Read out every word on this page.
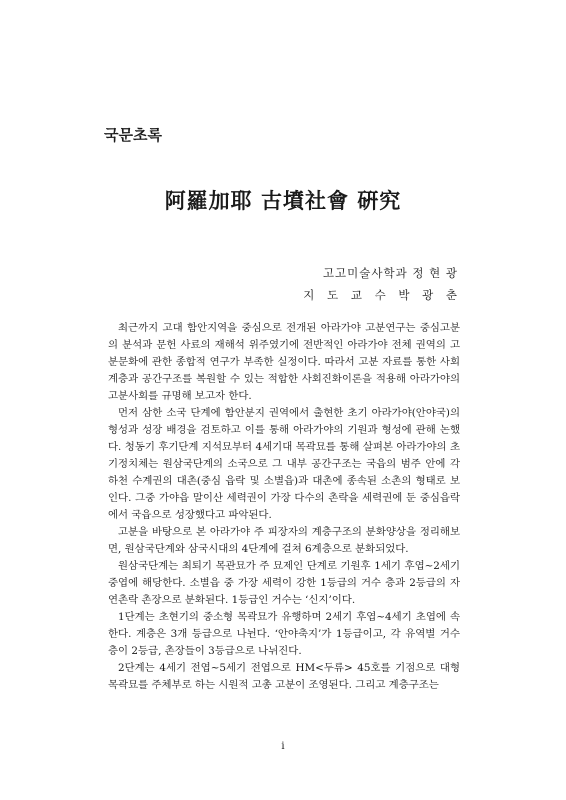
국문초록
阿羅加耶 古墳社會 硏究
고고미술사학과 정 현 광
지 도 교 수 박 광 춘

최근까지 고대 함안지역을 중심으로 전개된 아라가야 고분연구는 중심고분의 분석과 문헌 사료의 재해석 위주였기에 전반적인 아라가야 전체 권역의 고분문화에 관한 종합적 연구가 부족한 실정이다. 따라서 고분 자료를 통한 사회계층과 공간구조를 복원할 수 있는 적합한 사회진화이론을 적용해 아라가야의 고분사회를 규명해 보고자 한다.

먼저 삼한 소국 단계에 함안분지 권역에서 출현한 초기 아라가야(안야국)의 형성과 성장 배경을 검토하고 이를 통해 아라가야의 기원과 형성에 관해 논했다. 청동기 후기단계 지석묘부터 4세기대 목곽묘를 통해 살펴본 아라가야의 초기정치체는 원삼국단계의 소국으로 그 내부 공간구조는 국읍의 범주 안에 각 하천 수계권의 대촌(중심 읍락 및 소별읍)과 대촌에 종속된 소촌의 형태로 보인다. 그중 가야읍 말이산 세력권이 가장 다수의 촌락을 세력권에 둔 중심읍락에서 국읍으로 성장했다고 파악된다.

고분을 바탕으로 본 아라가야 주 피장자의 계층구조의 분화양상을 정리해보면, 원삼국단계와 삼국시대의 4단계에 걸쳐 6계층으로 분화되었다.

원삼국단계는 최퇴기 목관묘가 주 묘제인 단계로 기원후 1세기 후엽~2세기 중엽에 해당한다. 소별읍 중 가장 세력이 강한 1등급의 거수 층과 2등급의 자연촌락 촌장으로 분화된다. 1등급인 거수는 ‘신지’이다.

1단계는 초현기의 중소형 목곽묘가 유행하며 2세기 후엽~4세기 초엽에 속한다. 계층은 3개 등급으로 나뉜다. ‘안야축지’가 1등급이고, 각 유역별 거수 층이 2등급, 촌장들이 3등급으로 나뉘진다.

2단계는 4세기 전엽~5세기 전엽으로 HM<두류> 45호를 기점으로 대형 목곽묘를 주체부로 하는 시원적 고총 고분이 조영된다. 그리고 계층구조는

i
